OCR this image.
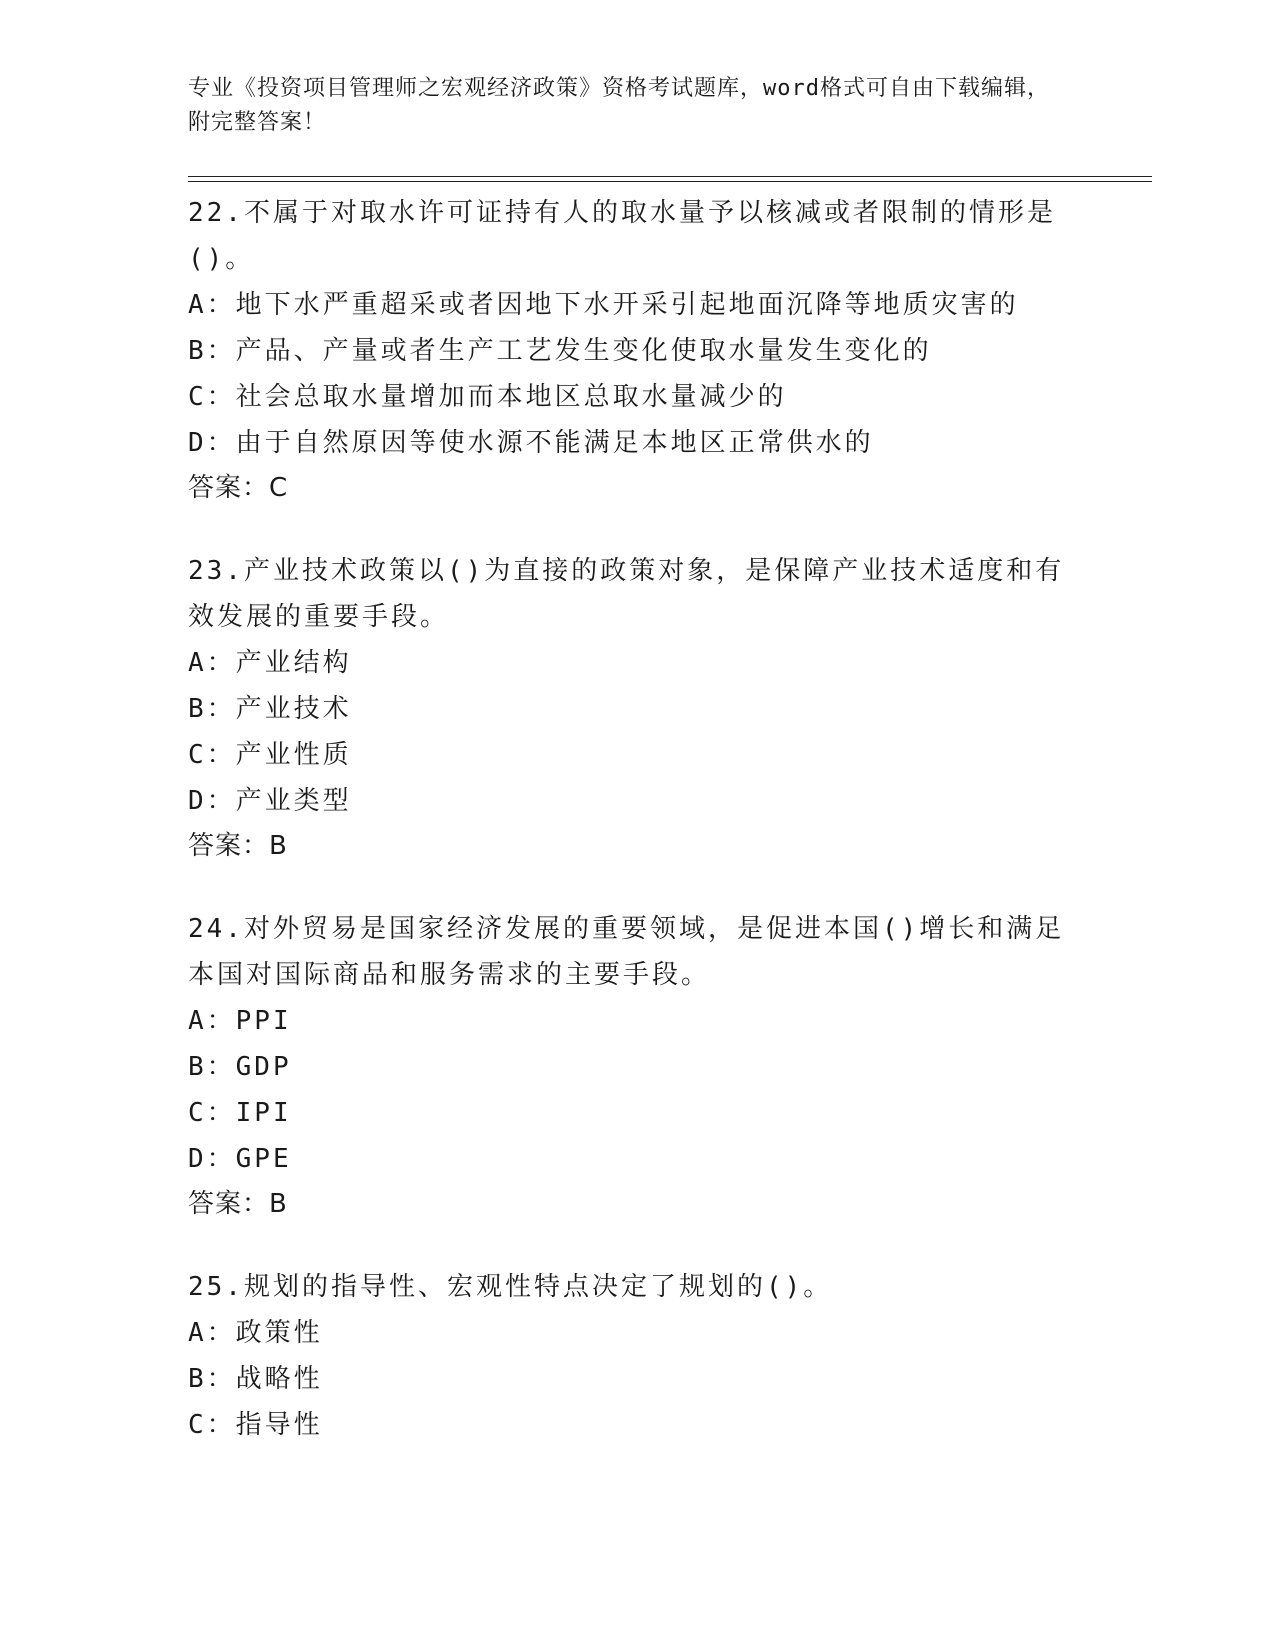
专业《投资项目管理师之宏观经济政策》资格考试题库，word格式可自由下载编辑，附完整答案！

22.不属于对取水许可证持有人的取水量予以核减或者限制的情形是()。

A：地下水严重超采或者因地下水开采引起地面沉降等地质灾害的

B：产品、产量或者生产工艺发生变化使取水量发生变化的

C：社会总取水量增加而本地区总取水量减少的

D：由于自然原因等使水源不能满足本地区正常供水的

答案：C

23.产业技术政策以()为直接的政策对象，是保障产业技术适度和有效发展的重要手段。

A：产业结构

B：产业技术

C：产业性质

D：产业类型

答案：B

24.对外贸易是国家经济发展的重要领域，是促进本国()增长和满足本国对国际商品和服务需求的主要手段。

A：PPI

B：GDP

C：IPI

D：GPE

答案：B

25.规划的指导性、宏观性特点决定了规划的()。

A：政策性

B：战略性

C：指导性
